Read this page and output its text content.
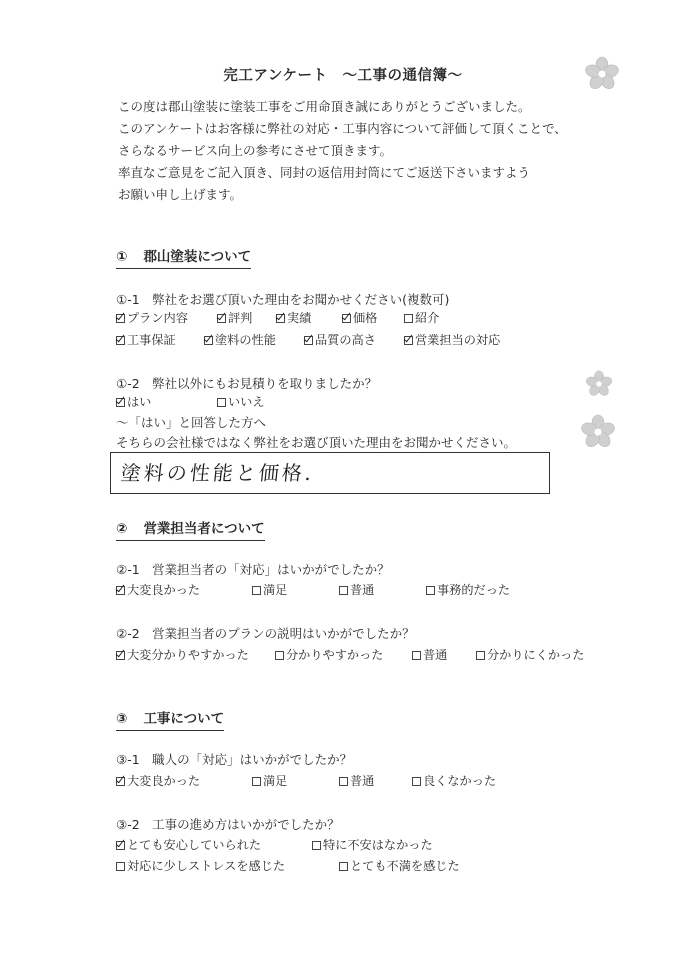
完工アンケート　～工事の通信簿～
この度は郡山塗装に塗装工事をご用命頂き誠にありがとうございました。
このアンケートはお客様に弊社の対応・工事内容について評価して頂くことで、
さらなるサービス向上の参考にさせて頂きます。
率直なご意見をご記入頂き、同封の返信用封筒にてご返送下さいますよう
お願い申し上げます。
① 郡山塗装について
①-1　弊社をお選び頂いた理由をお聞かせください(複数可)
プラン内容	評判	実績	価格	紹介
工事保証	塗料の性能	品質の高さ	営業担当の対応
①-2　弊社以外にもお見積りを取りましたか？
はい	いいえ
～「はい」と回答した方へ
そちらの会社様ではなく弊社をお選び頂いた理由をお聞かせください。
塗料の性能と価格.
② 営業担当者について
②-1　営業担当者の「対応」はいかがでしたか？
大変良かった	満足	普通	事務的だった
②-2　営業担当者のプランの説明はいかがでしたか？
大変分かりやすかった	分かりやすかった	普通	分かりにくかった
③ 工事について
③-1　職人の「対応」はいかがでしたか？
大変良かった	満足	普通	良くなかった
③-2　工事の進め方はいかがでしたか？
とても安心していられた	特に不安はなかった
対応に少しストレスを感じた	とても不満を感じた
